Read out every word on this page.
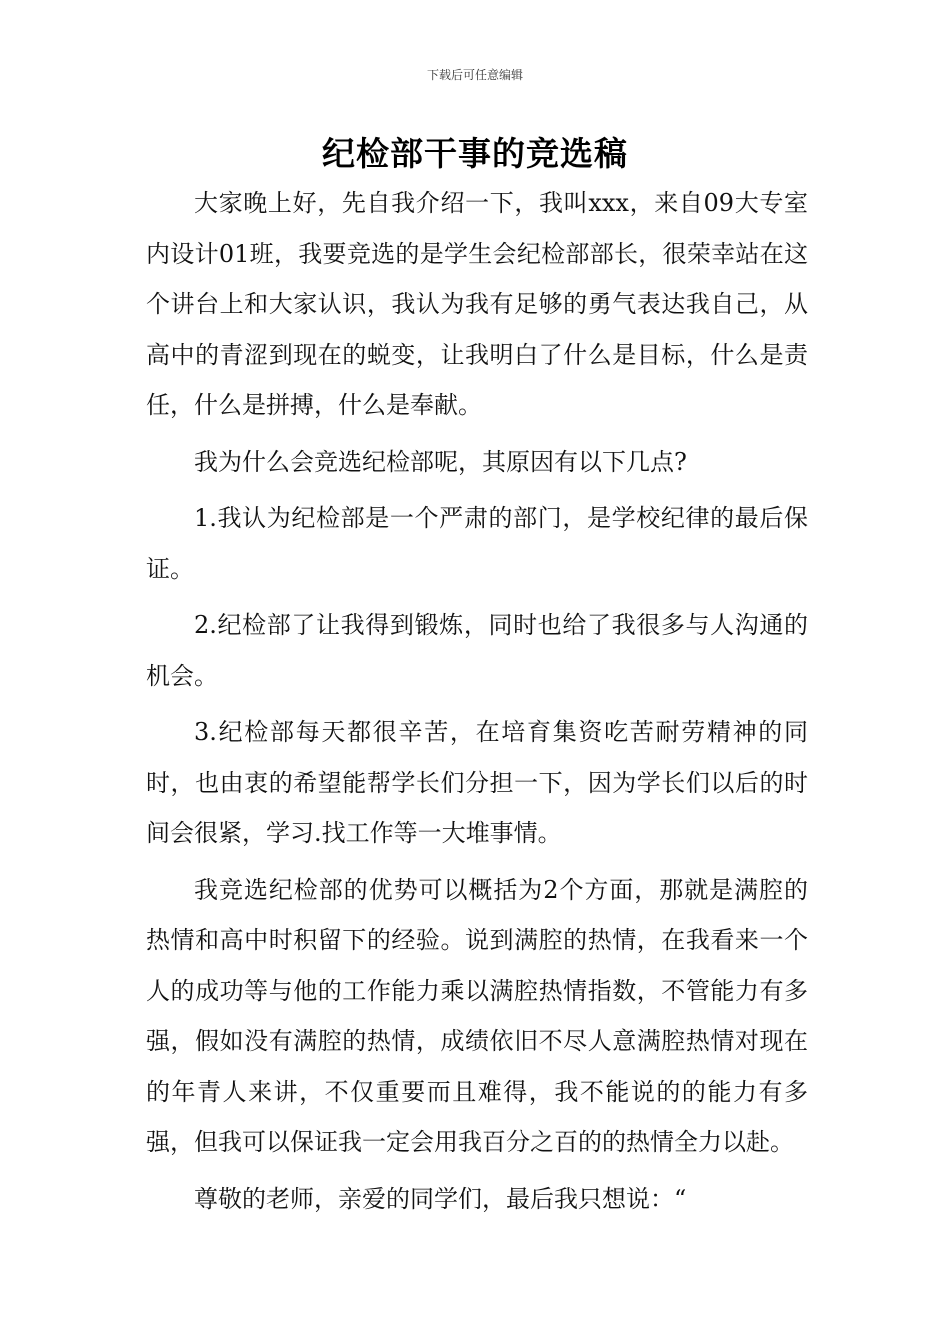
下载后可任意编辑
纪检部干事的竞选稿

大家晚上好，先自我介绍一下，我叫xxx，来自09大专室内设计01班，我要竞选的是学生会纪检部部长，很荣幸站在这个讲台上和大家认识，我认为我有足够的勇气表达我自己，从高中的青涩到现在的蜕变，让我明白了什么是目标，什么是责任，什么是拼搏，什么是奉献。

我为什么会竞选纪检部呢，其原因有以下几点?

1.我认为纪检部是一个严肃的部门，是学校纪律的最后保证。

2.纪检部了让我得到锻炼，同时也给了我很多与人沟通的机会。

3.纪检部每天都很辛苦，在培育集资吃苦耐劳精神的同时，也由衷的希望能帮学长们分担一下，因为学长们以后的时间会很紧，学习.找工作等一大堆事情。

我竞选纪检部的优势可以概括为2个方面，那就是满腔的热情和高中时积留下的经验。说到满腔的热情，在我看来一个人的成功等与他的工作能力乘以满腔热情指数，不管能力有多强，假如没有满腔的热情，成绩依旧不尽人意满腔热情对现在的年青人来讲，不仅重要而且难得，我不能说的的能力有多强，但我可以保证我一定会用我百分之百的的热情全力以赴。

尊敬的老师，亲爱的同学们，最后我只想说：“
